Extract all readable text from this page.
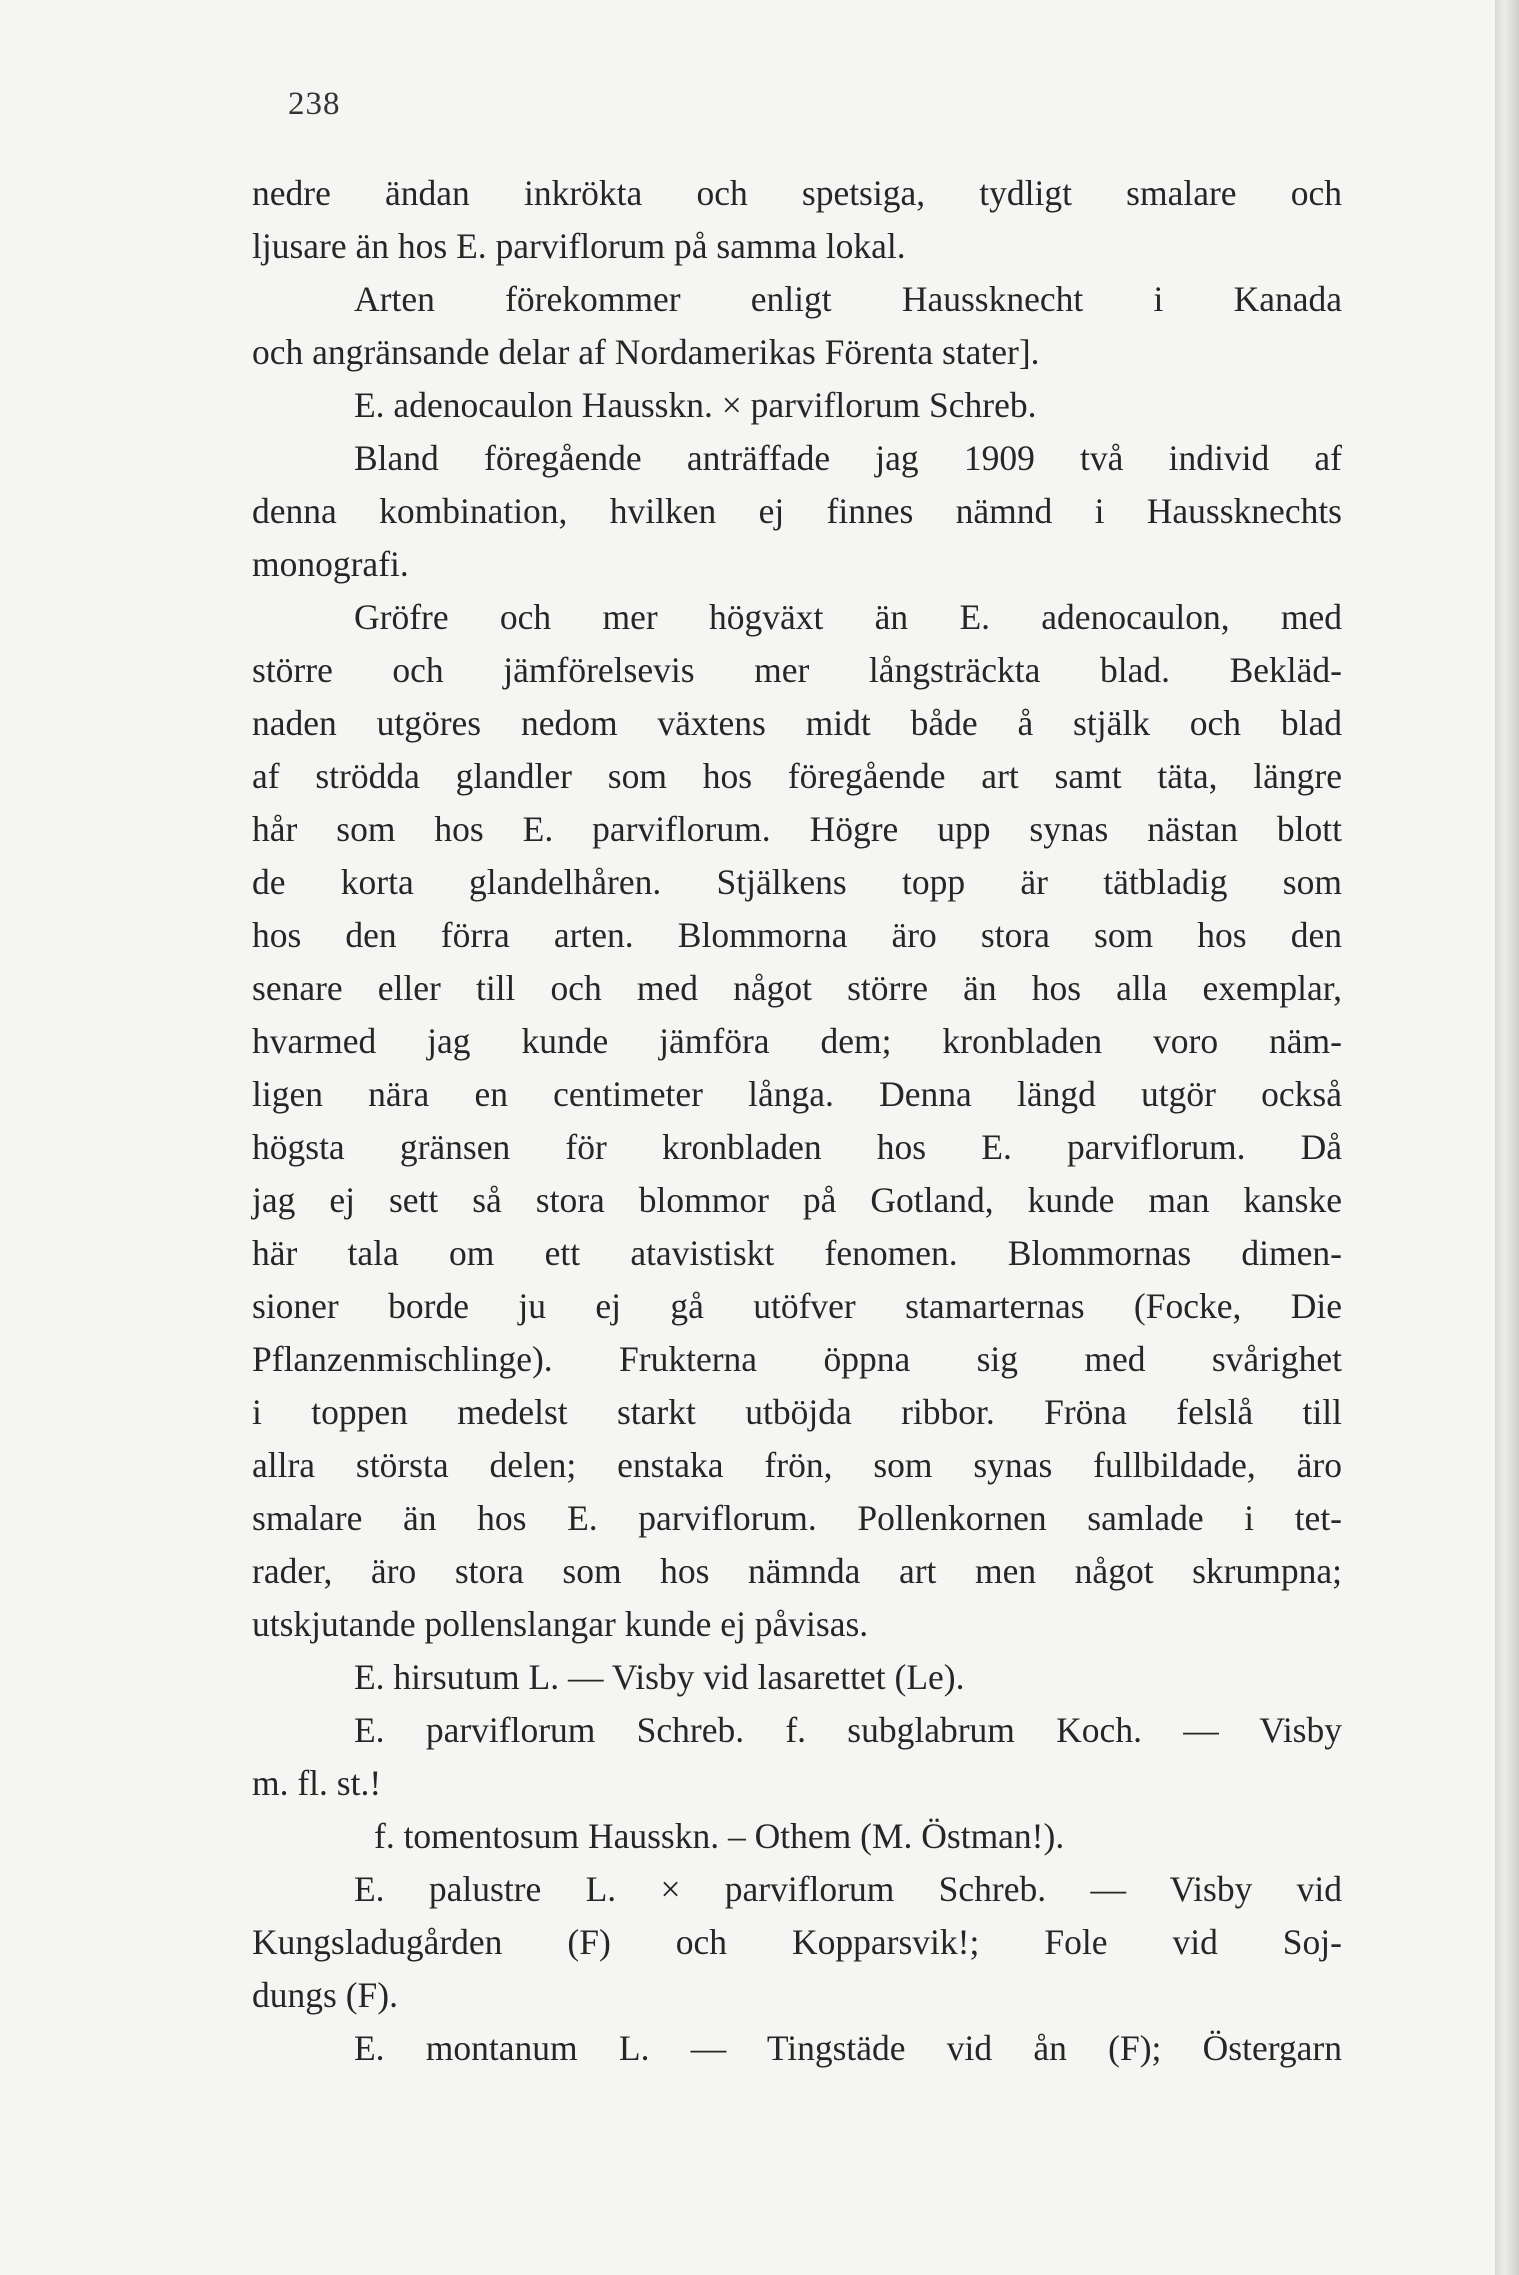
238
nedre ändan inkrökta och spetsiga, tydligt smalare och
ljusare än hos E. parviflorum på samma lokal.
Arten förekommer enligt Haussknecht i Kanada
och angränsande delar af Nordamerikas Förenta stater].
E. adenocaulon Hausskn. × parviflorum Schreb.
Bland föregående anträffade jag 1909 två individ af
denna kombination, hvilken ej finnes nämnd i Haussknechts
monografi.
Gröfre och mer högväxt än E. adenocaulon, med
större och jämförelsevis mer långsträckta blad. Bekläd-
naden utgöres nedom växtens midt både å stjälk och blad
af strödda glandler som hos föregående art samt täta, längre
hår som hos E. parviflorum. Högre upp synas nästan blott
de korta glandelhåren. Stjälkens topp är tätbladig som
hos den förra arten. Blommorna äro stora som hos den
senare eller till och med något större än hos alla exemplar,
hvarmed jag kunde jämföra dem; kronbladen voro näm-
ligen nära en centimeter långa. Denna längd utgör också
högsta gränsen för kronbladen hos E. parviflorum. Då
jag ej sett så stora blommor på Gotland, kunde man kanske
här tala om ett atavistiskt fenomen. Blommornas dimen-
sioner borde ju ej gå utöfver stamarternas (Focke, Die
Pflanzenmischlinge). Frukterna öppna sig med svårighet
i toppen medelst starkt utböjda ribbor. Fröna felslå till
allra största delen; enstaka frön, som synas fullbildade, äro
smalare än hos E. parviflorum. Pollenkornen samlade i tet-
rader, äro stora som hos nämnda art men något skrumpna;
utskjutande pollenslangar kunde ej påvisas.
E. hirsutum L. — Visby vid lasarettet (Le).
E. parviflorum Schreb. f. subglabrum Koch. — Visby
m. fl. st.!
f. tomentosum Hausskn. – Othem (M. Östman!).
E. palustre L. × parviflorum Schreb. — Visby vid
Kungsladugården (F) och Kopparsvik!; Fole vid Soj-
dungs (F).
E. montanum L. — Tingstäde vid ån (F); Östergarn
